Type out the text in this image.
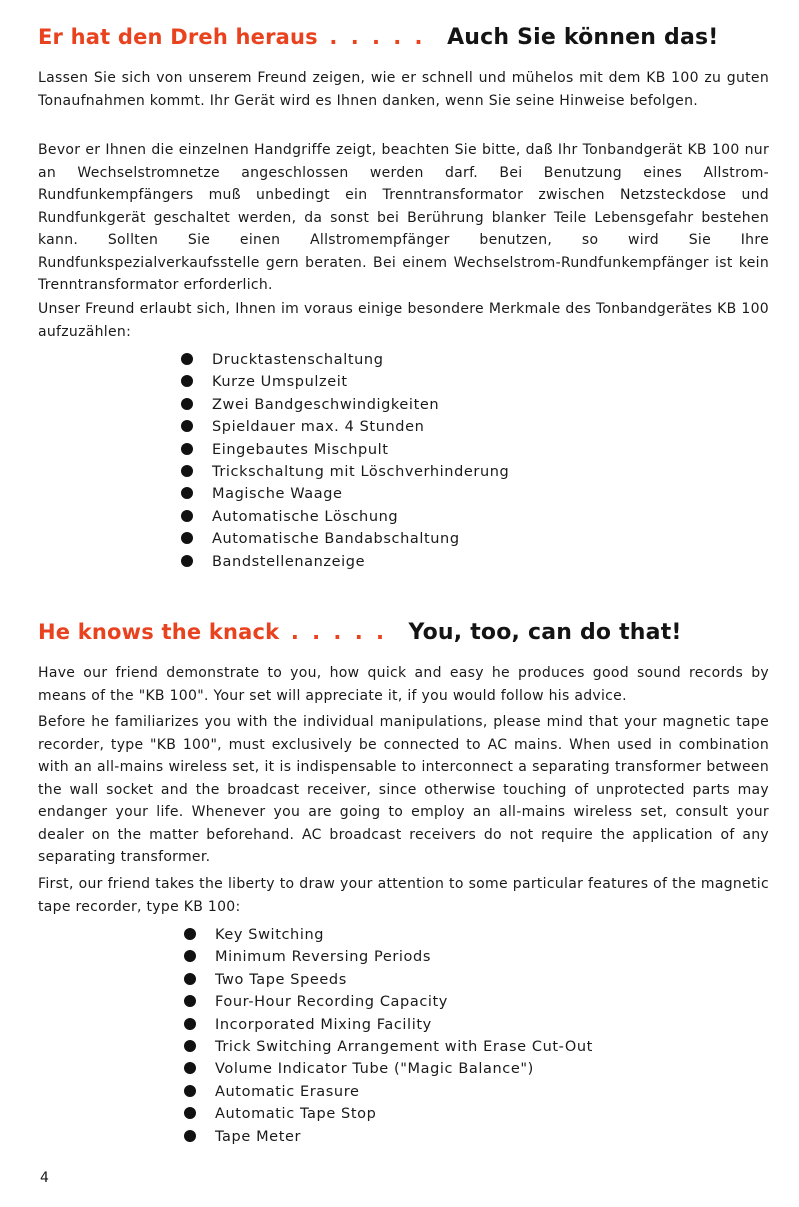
Er hat den Dreh heraus . . . . . Auch Sie können das!

Lassen Sie sich von unserem Freund zeigen, wie er schnell und mühelos mit dem KB 100 zu guten Tonaufnahmen kommt. Ihr Gerät wird es Ihnen danken, wenn Sie seine Hinweise befolgen.

Bevor er Ihnen die einzelnen Handgriffe zeigt, beachten Sie bitte, daß Ihr Tonbandgerät KB 100 nur an Wechselstromnetze angeschlossen werden darf. Bei Benutzung eines Allstrom-Rundfunkempfängers muß unbedingt ein Trenntransformator zwischen Netzsteckdose und Rundfunkgerät geschaltet werden, da sonst bei Berührung blanker Teile Lebensgefahr bestehen kann. Sollten Sie einen Allstromempfänger benutzen, so wird Sie Ihre Rundfunkspezialverkaufsstelle gern beraten. Bei einem Wechselstrom-Rundfunkempfänger ist kein Trenntransformator erforderlich.

Unser Freund erlaubt sich, Ihnen im voraus einige besondere Merkmale des Tonbandgerätes KB 100 aufzuzählen:

Drucktastenschaltung
Kurze Umspulzeit
Zwei Bandgeschwindigkeiten
Spieldauer max. 4 Stunden
Eingebautes Mischpult
Trickschaltung mit Löschverhinderung
Magische Waage
Automatische Löschung
Automatische Bandabschaltung
Bandstellenanzeige
He knows the knack . . . . . You, too, can do that!

Have our friend demonstrate to you, how quick and easy he produces good sound records by means of the "KB 100". Your set will appreciate it, if you would follow his advice.

Before he familiarizes you with the individual manipulations, please mind that your magnetic tape recorder, type "KB 100", must exclusively be connected to AC mains. When used in combination with an all-mains wireless set, it is indispensable to interconnect a separating transformer between the wall socket and the broadcast receiver, since otherwise touching of unprotected parts may endanger your life. Whenever you are going to employ an all-mains wireless set, consult your dealer on the matter beforehand. AC broadcast receivers do not require the application of any separating transformer.

First, our friend takes the liberty to draw your attention to some particular features of the magnetic tape recorder, type KB 100:

Key Switching
Minimum Reversing Periods
Two Tape Speeds
Four-Hour Recording Capacity
Incorporated Mixing Facility
Trick Switching Arrangement with Erase Cut-Out
Volume Indicator Tube ("Magic Balance")
Automatic Erasure
Automatic Tape Stop
Tape Meter
4
